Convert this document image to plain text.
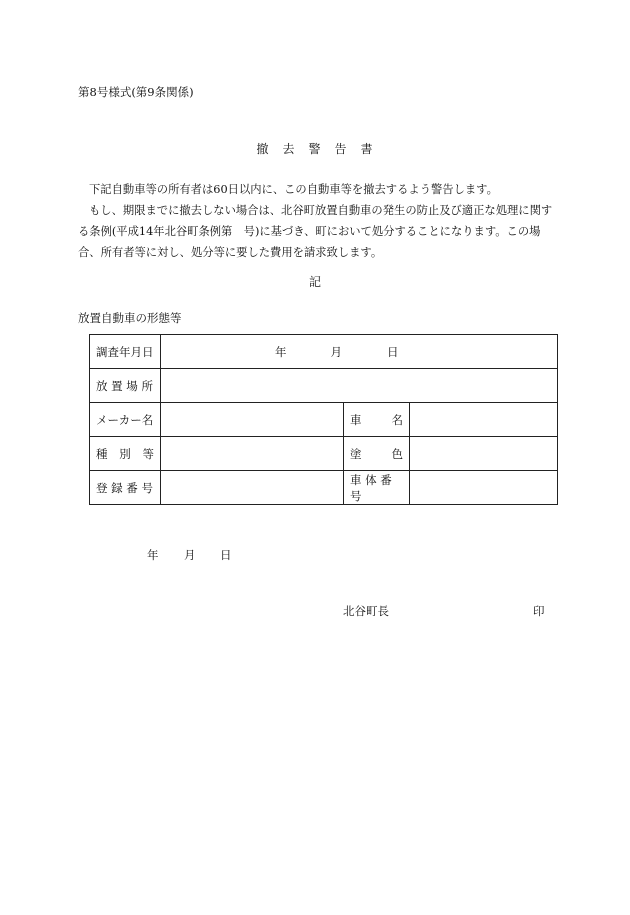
第8号様式(第9条関係)
撤　去　警　告　書

下記自動車等の所有者は60日以内に、この自動車等を撤去するよう警告します。

もし、期限までに撤去しない場合は、北谷町放置自動車の発生の防止及び適正な処理に関する条例(平成14年北谷町条例第　号)に基づき、町において処分することになります。この場合、所有者等に対し、処分等に要した費用を請求致します。

記
放置自動車の形態等
調査年月日	年 月 日		
放 置 場 所			
メーカー名		車 名	

種 別 等		塗 色	

登 録 番 号		車 体 番 号	
年 月 日
北谷町長	印
